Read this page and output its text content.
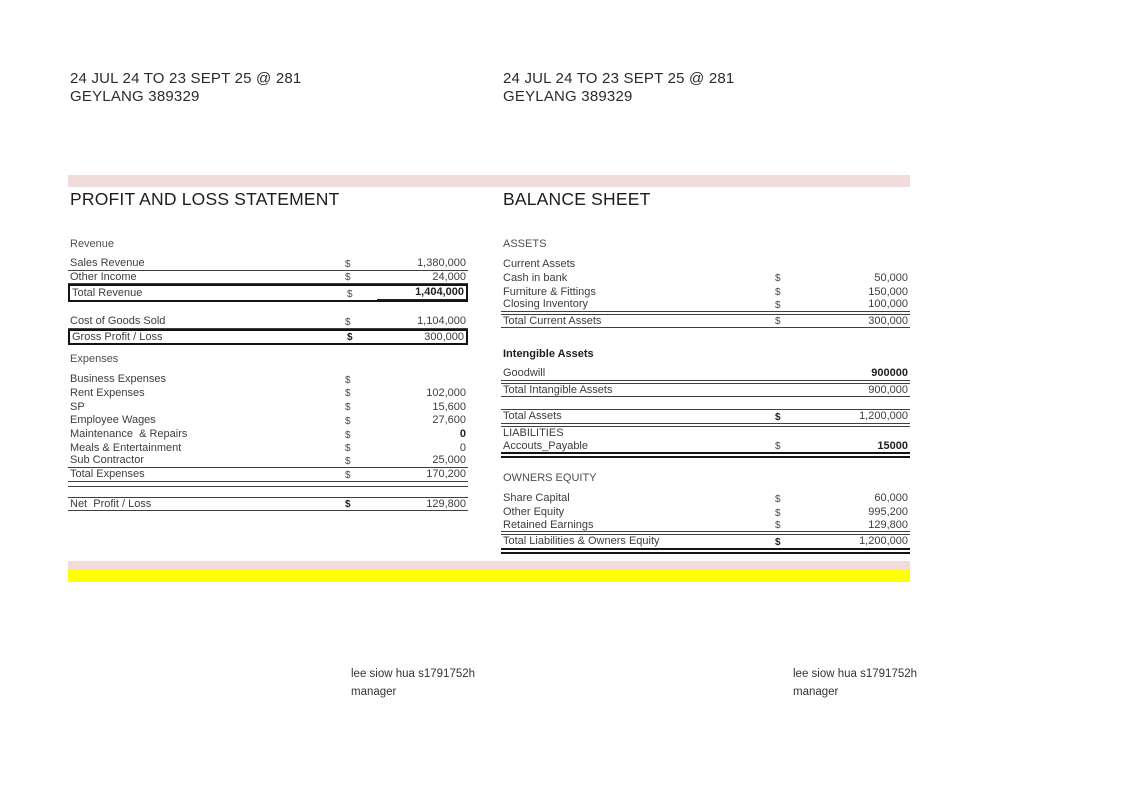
24 JUL 24 TO 23 SEPT 25 @ 281
GEYLANG 389329
24 JUL 24 TO 23 SEPT 25 @ 281
GEYLANG 389329
PROFIT AND LOSS STATEMENT	BALANCE SHEET
Revenue
Sales Revenue	$	1,380,000
Other Income	$	24,000
Total Revenue	$	1,404,000
Cost of Goods Sold	$	1,104,000
Gross Profit / Loss	$	300,000
Expenses
Business Expenses	$
Rent Expenses	$	102,000
SP	$	15,600
Employee Wages	$	27,600
Maintenance  & Repairs	$	0
Meals & Entertainment	$	0
Sub Contractor	$	25,000
Total Expenses	$	170,200
Net  Profit / Loss	$	129,800
ASSETS
Current Assets
Cash in bank	$	50,000
Furniture & Fittings	$	150,000
Closing Inventory	$	100,000
Total Current Assets	$	300,000
Intengible Assets
Goodwill	900000
Total Intangible Assets	900,000
Total Assets	$	1,200,000
LIABILITIES
Accouts_Payable	$	15000
OWNERS EQUITY
Share Capital	$	60,000
Other Equity	$	995,200
Retained Earnings	$	129,800
Total Liabilities & Owners Equity	$	1,200,000
lee siow hua s1791752h
manager
lee siow hua s1791752h
manager
